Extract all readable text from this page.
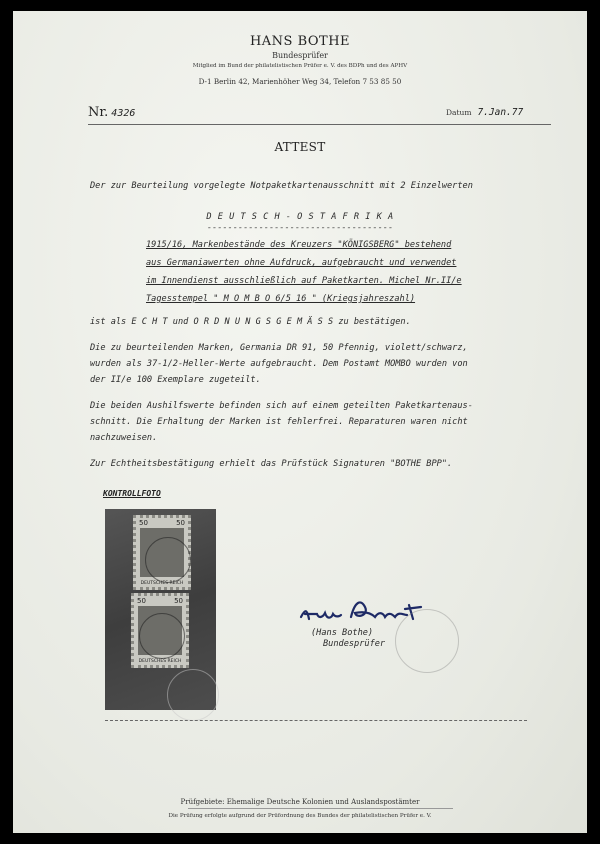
HANS BOTHE
Bundesprüfer
Mitglied im Bund der philatelistischen Prüfer e. V. des BDPh und des APHV
D-1 Berlin 42, Marienhöher Weg 34, Telefon 7 53 85 50
Nr. 4326	Datum 7.Jan.77
ATTEST
Der zur Beurteilung vorgelegte Notpaketkartenausschnitt mit 2 Einzelwerten
D E U T S C H - O S T A F R I K A
------------------------------------
1915/16, Markenbestände des Kreuzers "KÖNIGSBERG" bestehend
aus Germaniawerten ohne Aufdruck, aufgebraucht und verwendet
im Innendienst ausschließlich auf Paketkarten. Michel Nr.II/e
Tagesstempel " M O M B O 6/5 16 " (Kriegsjahreszahl)
ist als E C H T und O R D N U N G S G E M Ä S S zu bestätigen.
Die zu beurteilenden Marken, Germania DR 91, 50 Pfennig, violett/schwarz,
wurden als 37-1/2-Heller-Werte aufgebraucht. Dem Postamt MOMBO wurden von
der II/e 100 Exemplare zugeteilt.
Die beiden Aushilfswerte befinden sich auf einem geteilten Paketkartenaus-
schnitt. Die Erhaltung der Marken ist fehlerfrei. Reparaturen waren nicht
nachzuweisen.
Zur Echtheitsbestätigung erhielt das Prüfstück Signaturen "BOTHE BPP".
KONTROLLFOTO
50	50
DEUTSCHES REICH
50	50
DEUTSCHES REICH
(Hans Bothe)
Bundesprüfer
Prüfgebiete: Ehemalige Deutsche Kolonien und Auslandspostämter
Die Prüfung erfolgte aufgrund der Prüfordnung des Bundes der philatelistischen Prüfer e. V.
